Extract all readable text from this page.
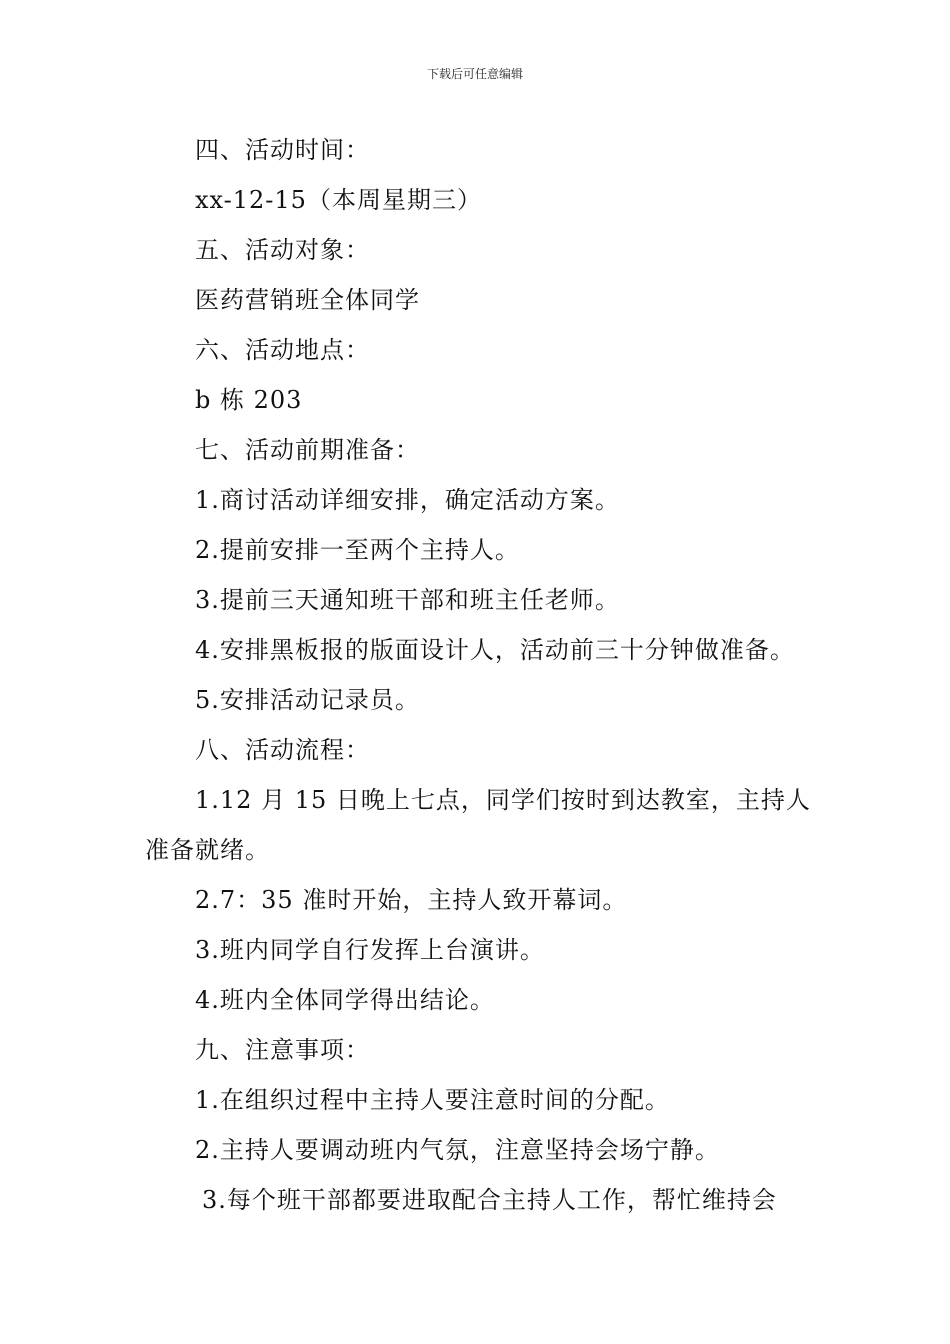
下载后可任意编辑
四、活动时间：
xx-12-15（本周星期三）
五、活动对象：
医药营销班全体同学
六、活动地点：
b 栋 203
七、活动前期准备：
1.商讨活动详细安排，确定活动方案。
2.提前安排一至两个主持人。
3.提前三天通知班干部和班主任老师。
4.安排黑板报的版面设计人，活动前三十分钟做准备。
5.安排活动记录员。
八、活动流程：
1.12 月 15 日晚上七点，同学们按时到达教室，主持人
准备就绪。
2.7：35 准时开始，主持人致开幕词。
3.班内同学自行发挥上台演讲。
4.班内全体同学得出结论。
九、注意事项：
1.在组织过程中主持人要注意时间的分配。
2.主持人要调动班内气氛，注意坚持会场宁静。
3.每个班干部都要进取配合主持人工作，帮忙维持会
